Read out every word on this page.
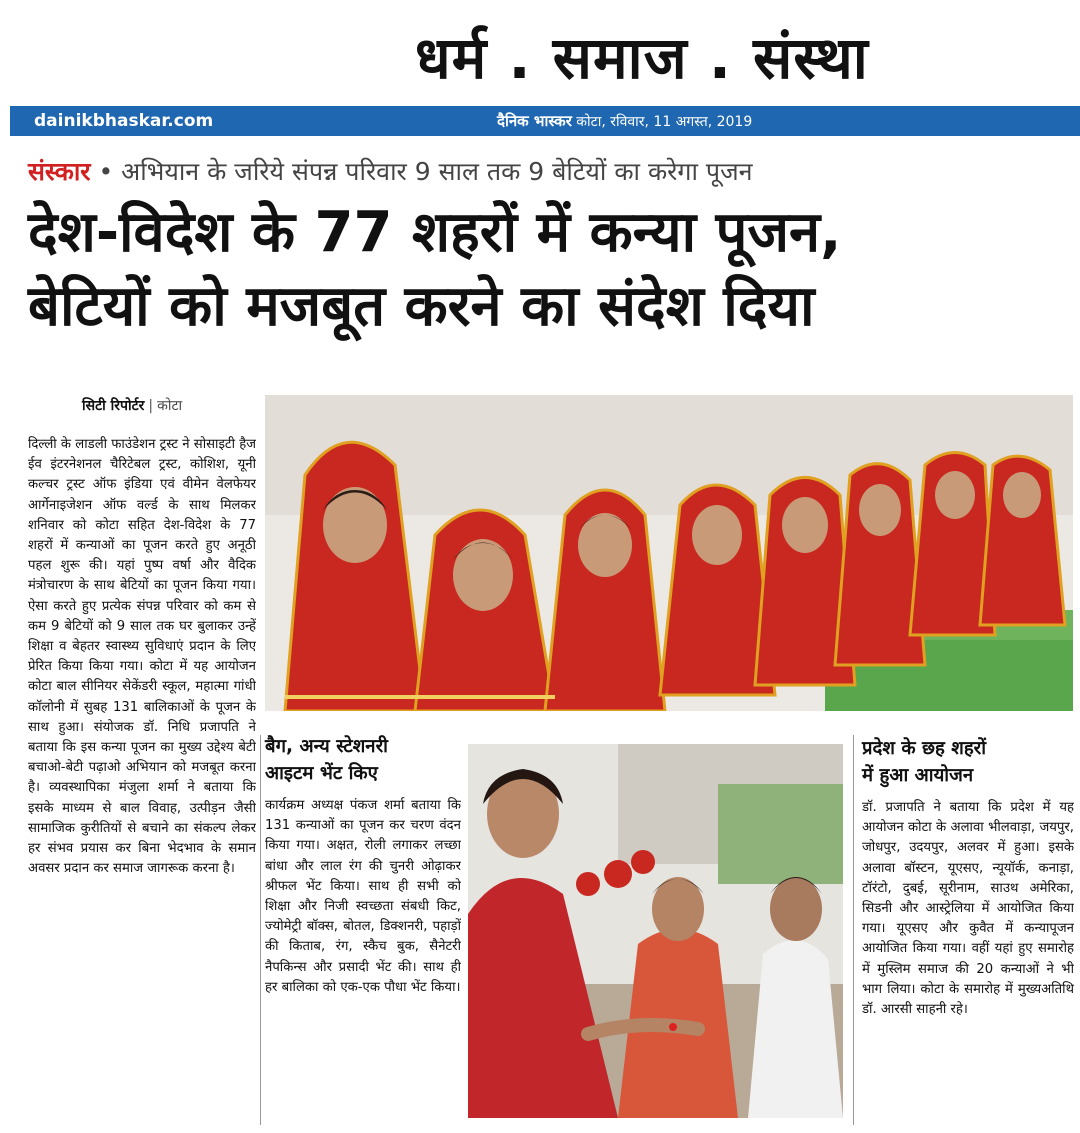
धर्म . समाज . संस्था
dainikbhaskar.com	दैनिक भास्कर कोटा, रविवार, 11 अगस्त, 2019
संस्कार • अभियान के जरिये संपन्न परिवार 9 साल तक 9 बेटियों का करेगा पूजन
देश-विदेश के 77 शहरों में कन्या पूजन,
बेटियों को मजबूत करने का संदेश दिया
सिटी रिपोर्टर | कोटा
दिल्ली के लाडली फाउंडेशन ट्रस्ट ने सोसाइटी हैज ईव इंटरनेशनल चैरिटेबल ट्रस्ट, कोशिश, यूनी कल्चर ट्रस्ट ऑफ इंडिया एवं वीमेन वेलफेयर आर्गेनाइजेशन ऑफ वर्ल्ड के साथ मिलकर शनिवार को कोटा सहित देश-विदेश के 77 शहरों में कन्याओं का पूजन करते हुए अनूठी पहल शुरू की। यहां पुष्प वर्षा और वैदिक मंत्रोचारण के साथ बेटियों का पूजन किया गया। ऐसा करते हुए प्रत्येक संपन्न परिवार को कम से कम 9 बेटियों को 9 साल तक घर बुलाकर उन्हें शिक्षा व बेहतर स्वास्थ्य सुविधाएं प्रदान के लिए प्रेरित किया किया गया। कोटा में यह आयोजन कोटा बाल सीनियर सेकेंडरी स्कूल, महात्मा गांधी कॉलोनी में सुबह 131 बालिकाओं के पूजन के साथ हुआ। संयोजक डॉ. निधि प्रजापति ने बताया कि इस कन्या पूजन का मुख्य उद्देश्य बेटी बचाओ-बेटी पढ़ाओ अभियान को मजबूत करना है। व्यवस्थापिका मंजुला शर्मा ने बताया कि इसके माध्यम से बाल विवाह, उत्पीड़न जैसी सामाजिक कुरीतियों से बचाने का संकल्प लेकर हर संभव प्रयास कर बिना भेदभाव के समान अवसर प्रदान कर समाज जागरूक करना है।
बैग, अन्य स्टेशनरी
आइटम भेंट किए
कार्यक्रम अध्यक्ष पंकज शर्मा बताया कि 131 कन्याओं का पूजन कर चरण वंदन किया गया। अक्षत, रोली लगाकर लच्छा बांधा और लाल रंग की चुनरी ओढ़ाकर श्रीफल भेंट किया। साथ ही सभी को शिक्षा और निजी स्वच्छता संबधी किट, ज्योमेट्री बॉक्स, बोतल, डिक्शनरी, पहाड़ों की किताब, रंग, स्कैच बुक, सैनेटरी नैपकिन्स और प्रसादी भेंट की। साथ ही हर बालिका को एक-एक पौधा भेंट किया।
प्रदेश के छह शहरों
में हुआ आयोजन
डॉ. प्रजापति ने बताया कि प्रदेश में यह आयोजन कोटा के अलावा भीलवाड़ा, जयपुर, जोधपुर, उदयपुर, अलवर में हुआ। इसके अलावा बॉस्टन, यूएसए, न्यूयॉर्क, कनाड़ा, टॉरंटो, दुबई, सूरीनाम, साउथ अमेरिका, सिडनी और आस्ट्रेलिया में आयोजित किया गया। यूएसए और कुवैत में कन्यापूजन आयोजित किया गया। वहीं यहां हुए समारोह में मुस्लिम समाज की 20 कन्याओं ने भी भाग लिया। कोटा के समारोह में मुख्यअतिथि डॉ. आरसी साहनी रहे।
